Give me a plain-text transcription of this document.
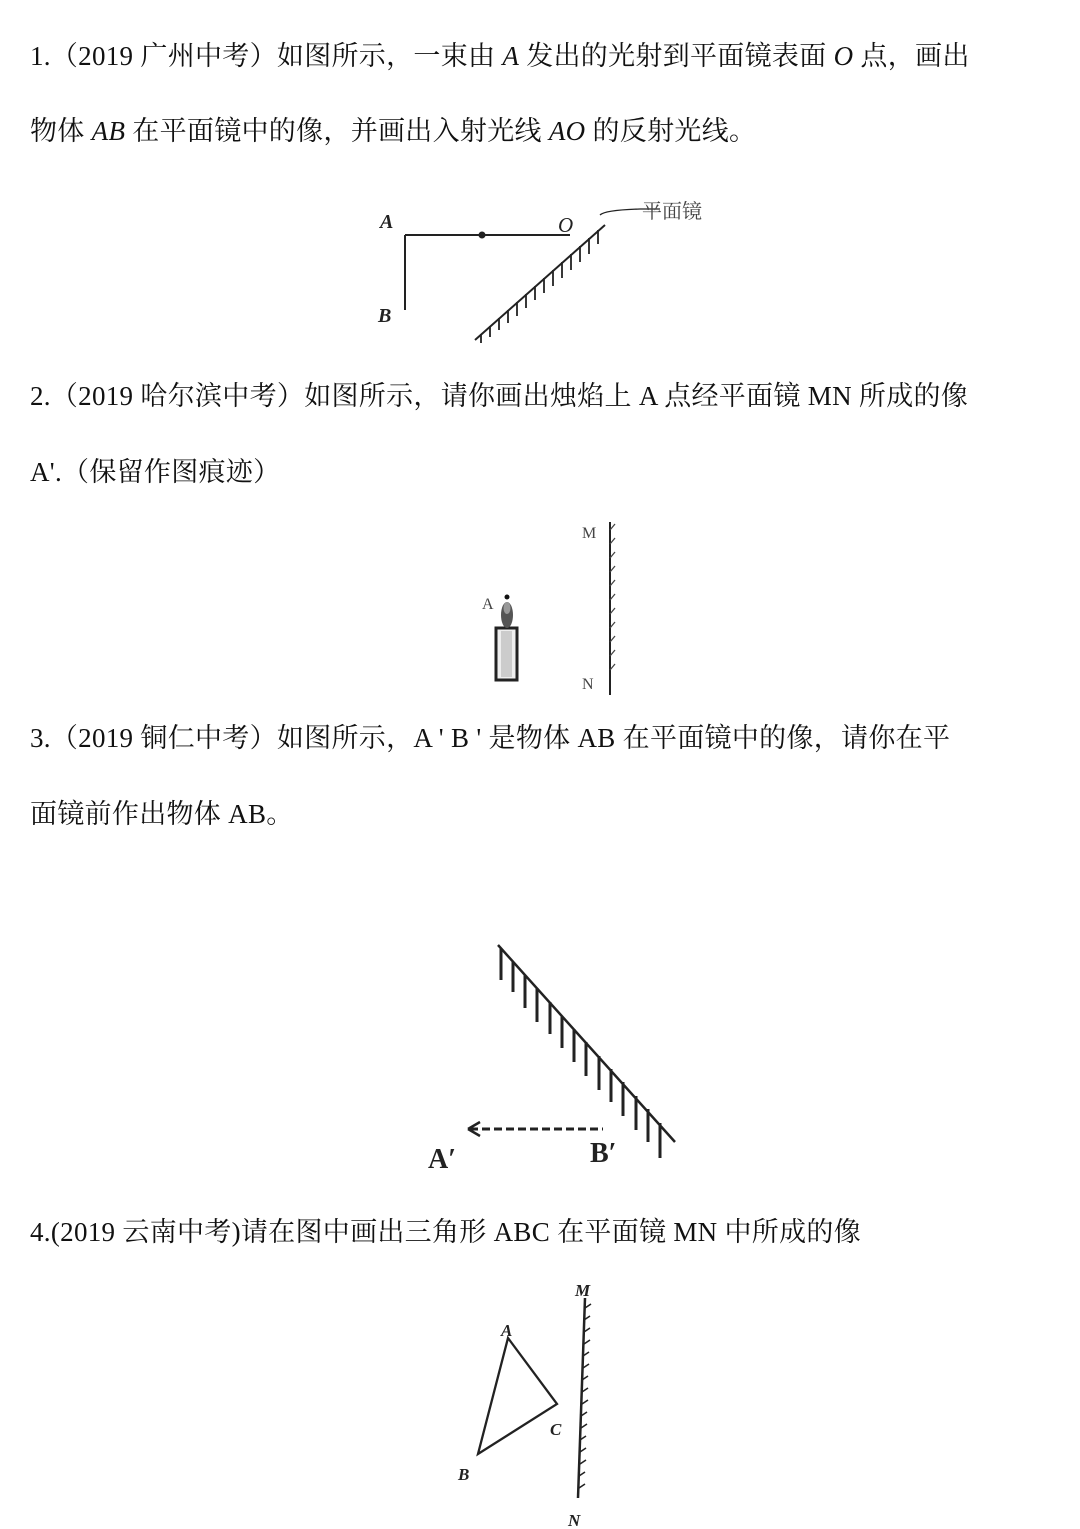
1.（2019 广州中考）如图所示，一束由 A 发出的光射到平面镜表面 O 点，画出
物体 AB 在平面镜中的像，并画出入射光线 AO 的反射光线。
A
B
O
平面镜
2.（2019 哈尔滨中考）如图所示，请你画出烛焰上 A 点经平面镜 MN 所成的像
A'.（保留作图痕迹）
A
M
N
3.（2019 铜仁中考）如图所示，A ' B ' 是物体 AB 在平面镜中的像，请你在平
面镜前作出物体 AB。
A′	B′
4.(2019 云南中考)请在图中画出三角形 ABC 在平面镜 MN 中所成的像
A
B
C
M
N
